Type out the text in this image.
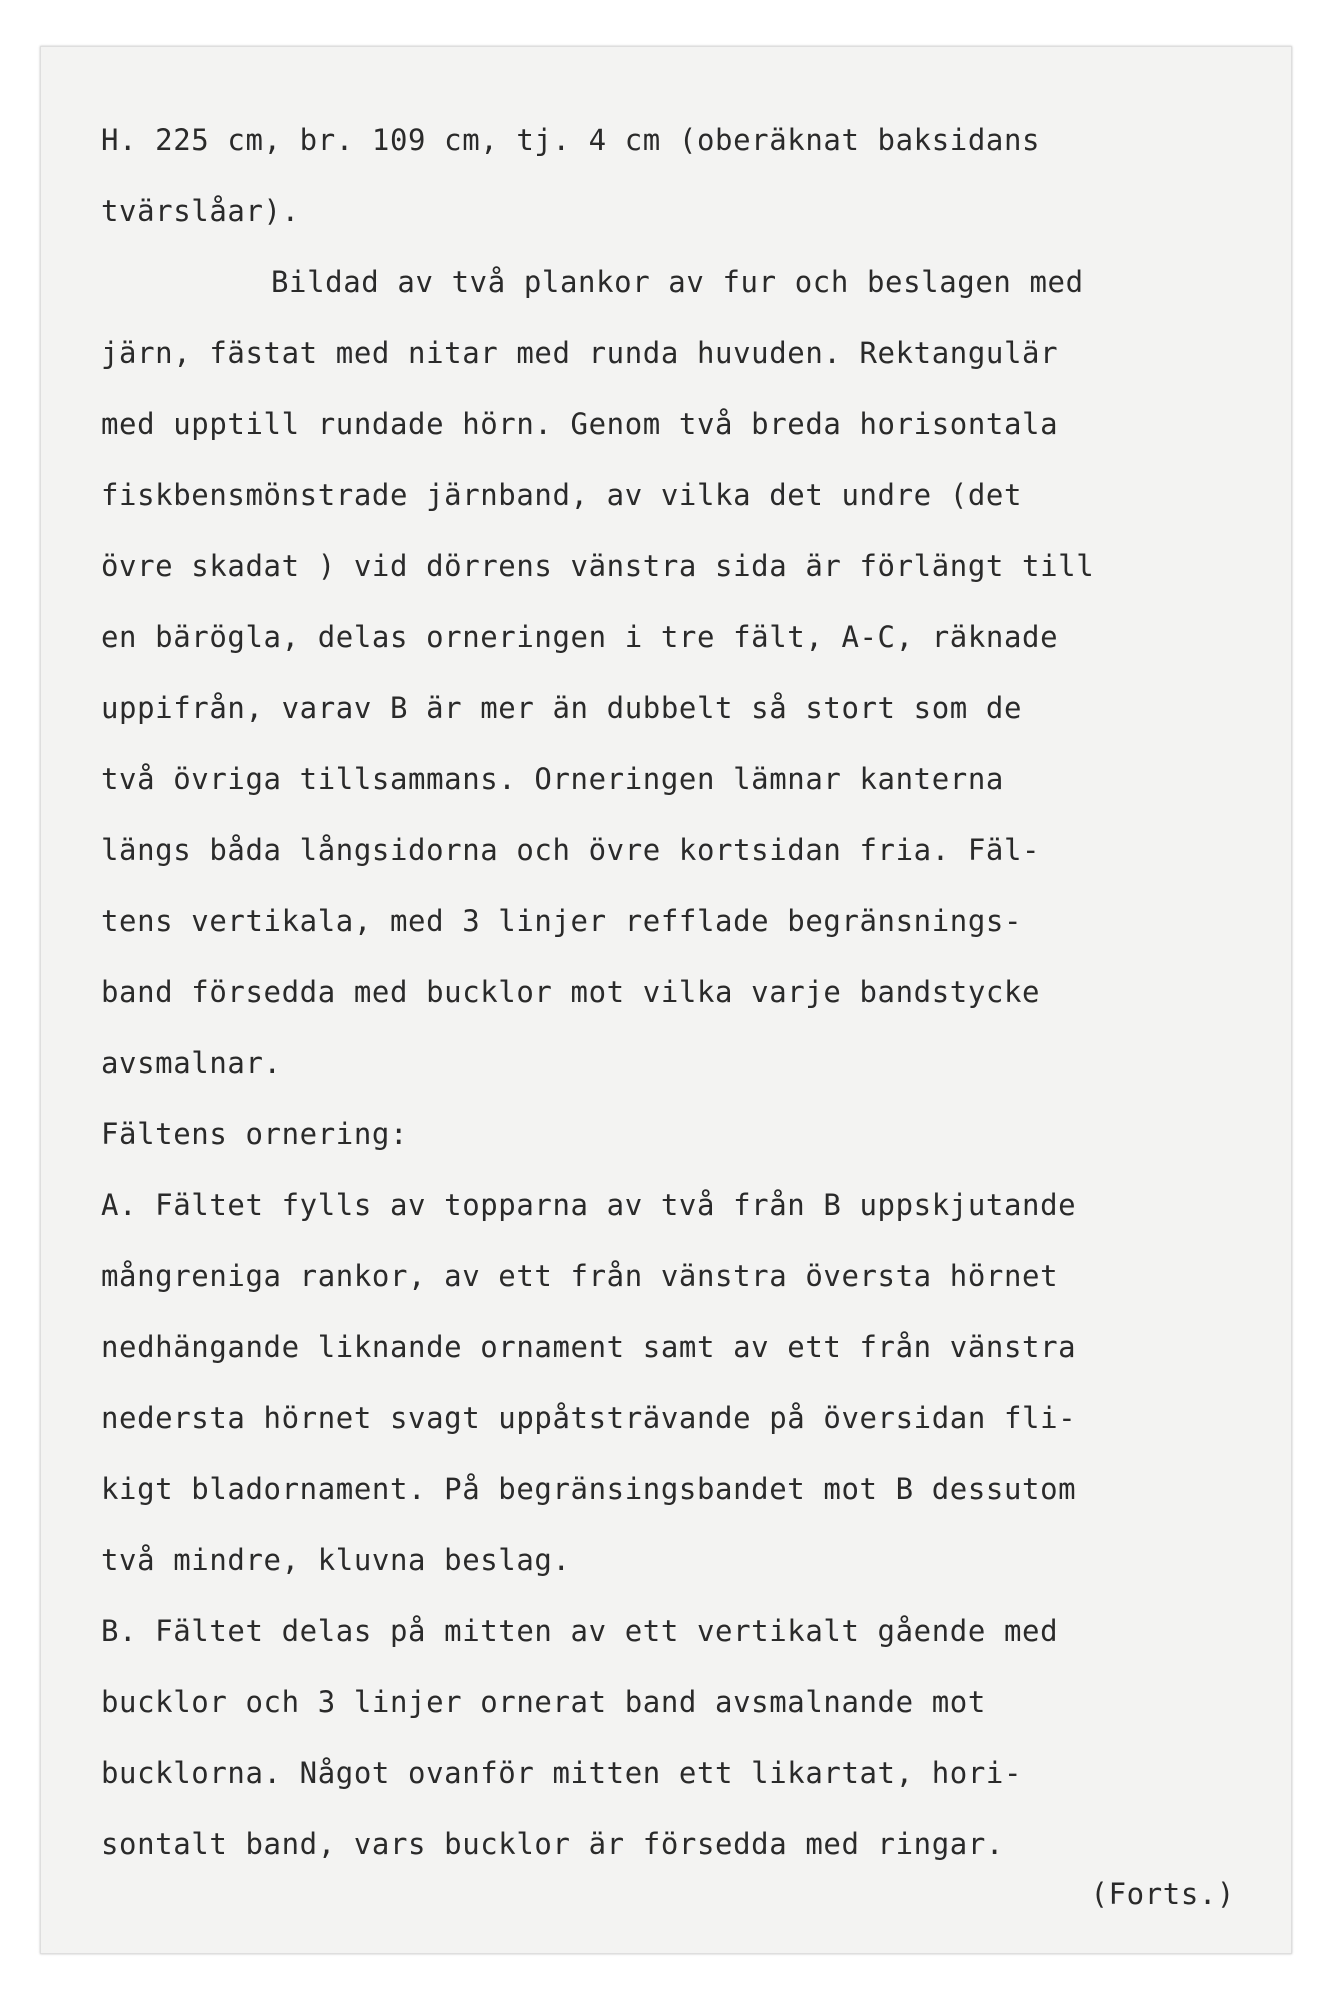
H. 225 cm, br. 109 cm, tj. 4 cm (oberäknat baksidans
tvärslåar).
Bildad av två plankor av fur och beslagen med
järn, fästat med nitar med runda huvuden. Rektangulär
med upptill rundade hörn. Genom två breda horisontala
fiskbensmönstrade järnband, av vilka det undre (det
övre skadat ) vid dörrens vänstra sida är förlängt till
en bärögla, delas orneringen i tre fält, A-C, räknade
uppifrån, varav B är mer än dubbelt så stort som de
två övriga tillsammans. Orneringen lämnar kanterna
längs båda långsidorna och övre kortsidan fria. Fäl-
tens vertikala, med 3 linjer refflade begränsnings-
band försedda med bucklor mot vilka varje bandstycke
avsmalnar.
Fältens ornering:
A. Fältet fylls av topparna av två från B uppskjutande
mångreniga rankor, av ett från vänstra översta hörnet
nedhängande liknande ornament samt av ett från vänstra
nedersta hörnet svagt uppåtsträvande på översidan fli-
kigt bladornament. På begränsingsbandet mot B dessutom
två mindre, kluvna beslag.
B. Fältet delas på mitten av ett vertikalt gående med
bucklor och 3 linjer ornerat band avsmalnande mot
bucklorna. Något ovanför mitten ett likartat, hori-
sontalt band, vars bucklor är försedda med ringar.
(Forts.)
